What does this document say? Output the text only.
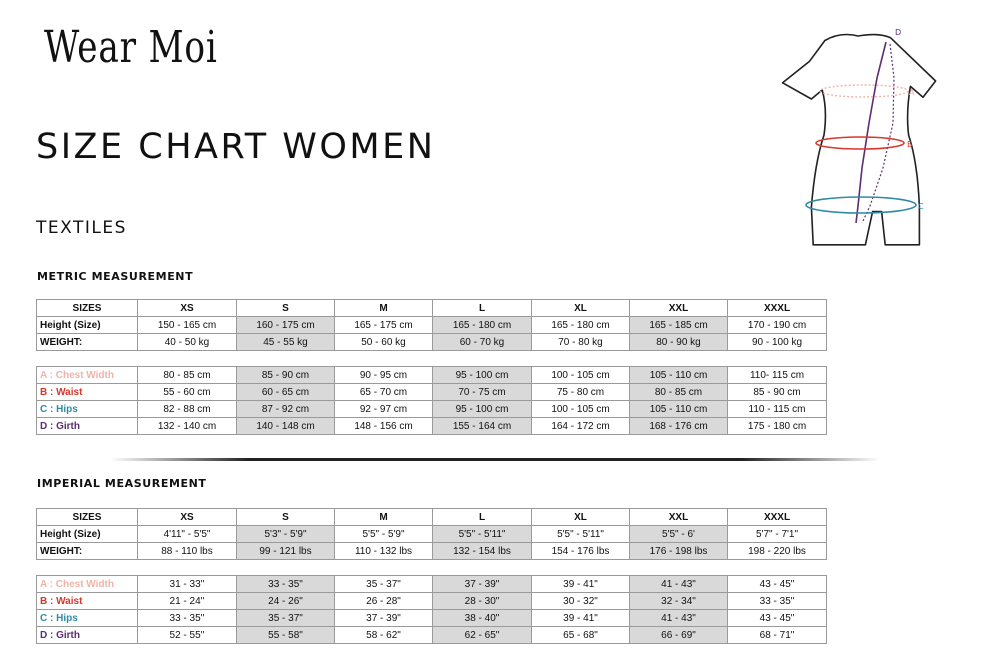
Wear Moi
SIZE CHART WOMEN
TEXTILES
D
A
B
C
METRIC MEASUREMENT
SIZES	XS	S	M	L	XL	XXL	XXXL
Height (Size)	150 - 165 cm	160 - 175 cm	165 - 175 cm	165 - 180 cm	165 - 180 cm	165 - 185 cm	170 - 190 cm
WEIGHT:	40 - 50 kg	45 - 55 kg	50 - 60 kg	60 - 70 kg	70 - 80 kg	80 - 90 kg	90 - 100 kg

A : Chest Width	80 - 85 cm	85 - 90 cm	90 - 95 cm	95 - 100 cm	100 - 105 cm	105 - 110 cm	110- 115 cm
B : Waist	55 - 60 cm	60 - 65 cm	65 - 70 cm	70 - 75 cm	75 - 80 cm	80 - 85 cm	85 - 90 cm
C : Hips	82 - 88 cm	87 - 92 cm	92 - 97 cm	95 - 100 cm	100 - 105 cm	105 - 110 cm	110 - 115 cm
D : Girth	132 - 140 cm	140 - 148 cm	148 - 156 cm	155 - 164 cm	164 - 172 cm	168 - 176 cm	175 - 180 cm
IMPERIAL MEASUREMENT
SIZES	XS	S	M	L	XL	XXL	XXXL
Height (Size)	4'11" - 5'5"	5'3" - 5'9"	5'5" - 5'9"	5'5" - 5'11"	5'5" - 5'11"	5'5" - 6'	5'7" - 7'1"
WEIGHT:	88 - 110 lbs	99 - 121 lbs	110 - 132 lbs	132 - 154 lbs	154 - 176 lbs	176 - 198 lbs	198 - 220 lbs

A : Chest Width	31 - 33''	33 - 35"	35 - 37"	37 - 39"	39 - 41"	41 - 43"	43 - 45"
B : Waist	21 - 24''	24 - 26"	26 - 28"	28 - 30"	30 - 32"	32 - 34"	33 - 35"
C : Hips	33 - 35''	35 - 37"	37 - 39"	38 - 40"	39 - 41"	41 - 43"	43 - 45"
D : Girth	52 - 55''	55 - 58"	58 - 62"	62 - 65"	65 - 68"	66 - 69"	68 - 71"
